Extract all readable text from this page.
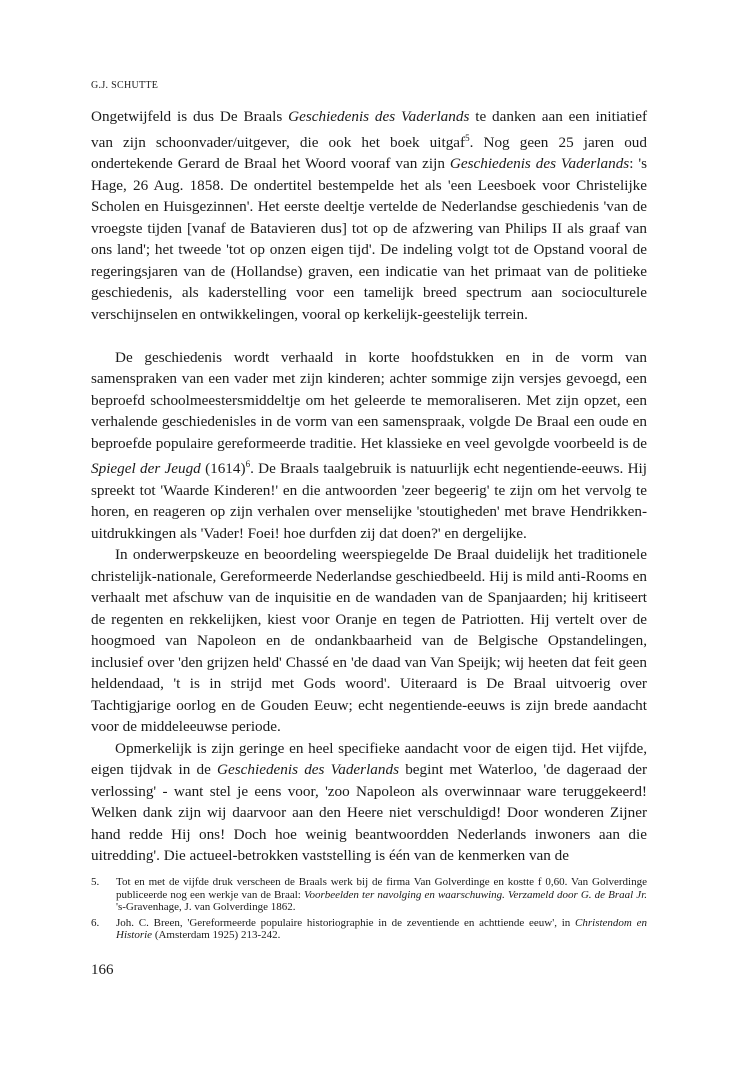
G.J. SCHUTTE

Ongetwijfeld is dus De Braals Geschiedenis des Vaderlands te danken aan een initiatief van zijn schoonvader/uitgever, die ook het boek uitgaf$^5$. Nog geen 25 jaren oud ondertekende Gerard de Braal het Woord vooraf van zijn Geschiedenis des Vaderlands: 's Hage, 26 Aug. 1858. De ondertitel bestempelde het als 'een Leesboek voor Christelijke Scholen en Huisgezinnen'. Het eerste deeltje vertelde de Nederlandse geschiedenis 'van de vroegste tijden [vanaf de Batavieren dus] tot op de afzwering van Philips II als graaf van ons land'; het tweede 'tot op onzen eigen tijd'. De indeling volgt tot de Opstand vooral de regeringsjaren van de (Hollandse) graven, een indicatie van het primaat van de politieke geschiedenis, als kaderstelling voor een tamelijk breed spectrum aan socioculturele verschijnselen en ontwikkelingen, vooral op kerkelijk-geestelijk terrein.

De geschiedenis wordt verhaald in korte hoofdstukken en in de vorm van samenspraken van een vader met zijn kinderen; achter sommige zijn versjes gevoegd, een beproefd schoolmeestersmiddeltje om het geleerde te memoraliseren. Met zijn opzet, een verhalende geschiedenisles in de vorm van een samenspraak, volgde De Braal een oude en beproefde populaire gereformeerde traditie. Het klassieke en veel gevolgde voorbeeld is de Spiegel der Jeugd $(1614)^6$. De Braals taalgebruik is natuurlijk echt negentiende-eeuws. Hij spreekt tot 'Waarde Kinderen!' en die antwoorden 'zeer begeerig' te zijn om het vervolg te horen, en reageren op zijn verhalen over menselijke 'stoutigheden' met brave Hendrikken-uitdrukkingen als 'Vader! Foei! hoe durfden zij dat doen?' en dergelijke.

In onderwerpskeuze en beoordeling weerspiegelde De Braal duidelijk het traditionele christelijk-nationale, Gereformeerde Nederlandse geschiedbeeld. Hij is mild anti-Rooms en verhaalt met afschuw van de inquisitie en de wandaden van de Spanjaarden; hij kritiseert de regenten en rekkelijken, kiest voor Oranje en tegen de Patriotten. Hij vertelt over de hoogmoed van Napoleon en de ondankbaarheid van de Belgische Opstandelingen, inclusief over 'den grijzen held' Chassé en 'de daad van Van Speijk; wij heeten dat feit geen heldendaad, 't is in strijd met Gods woord'. Uiteraard is De Braal uitvoerig over Tachtigjarige oorlog en de Gouden Eeuw; echt negentiende-eeuws is zijn brede aandacht voor de middeleeuwse periode.

Opmerkelijk is zijn geringe en heel specifieke aandacht voor de eigen tijd. Het vijfde, eigen tijdvak in de Geschiedenis des Vaderlands begint met Waterloo, 'de dageraad der verlossing' - want stel je eens voor, 'zoo Napoleon als overwinnaar ware teruggekeerd! Welken dank zijn wij daarvoor aan den Heere niet verschuldigd! Door wonderen Zijner hand redde Hij ons! Doch hoe weinig beantwoordden Nederlands inwoners aan die uitredding'. Die actueel-betrokken vaststelling is één van de kenmerken van de

5. Tot en met de vijfde druk verscheen de Braals werk bij de firma Van Golverdinge en kostte f 0,60. Van Golverdinge publiceerde nog een werkje van de Braal: Voorbeelden ter navolging en waarschuwing. Verzameld door G. de Braal Jr. 's-Gravenhage, J. van Golverdinge 1862.
6. Joh. C. Breen, 'Gereformeerde populaire historiographie in de zeventiende en achttiende eeuw', in Christendom en Historie (Amsterdam 1925) 213-242.
166
